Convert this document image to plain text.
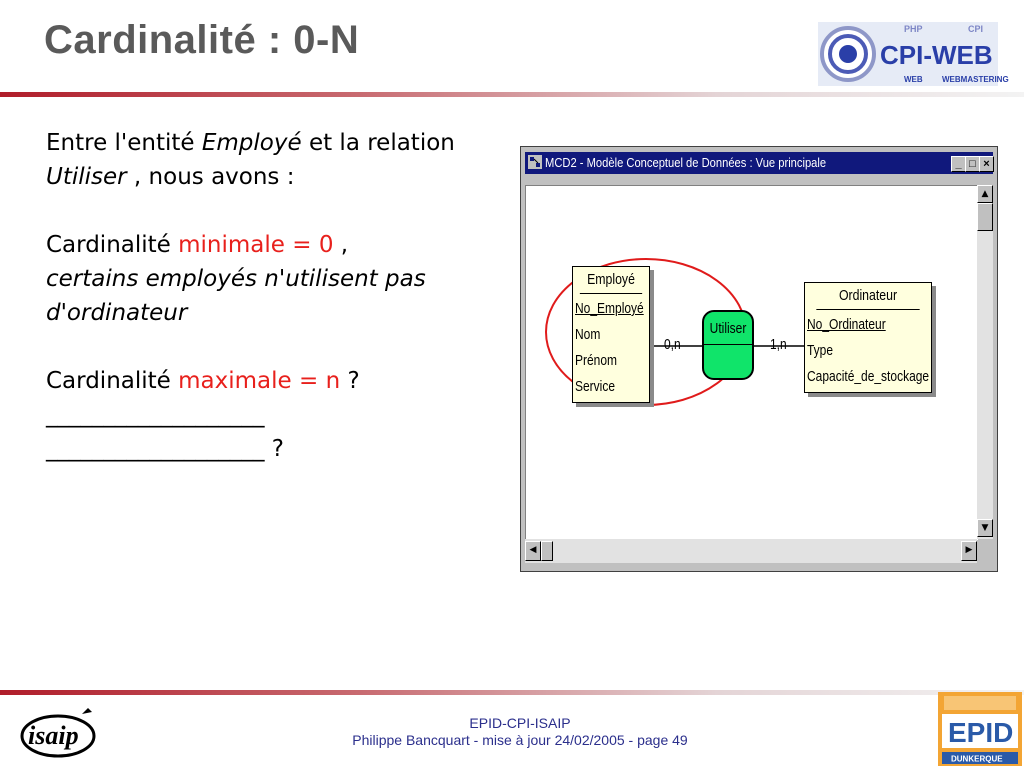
Cardinalité : 0-N	PHP	CPI
CPI-WEB
WEB WEBMASTERING

Entre l'entité Employé et la relation Utiliser , nous avons :

Cardinalité minimale = 0 ,
certains employés n'utilisent pas d'ordinateur

Cardinalité maximale = n ?
___________________
___________________ ?

MCD2 - Modèle Conceptuel de Données : Vue principale	_ □ ×
Employé
No_Employé
Nom
Prénom
Service
Utiliser
0,n	1,n
Ordinateur
No_Ordinateur
Type
Capacité_de_stockage
▲
▼
◀	▶
isaip	EPID-CPI-ISAIP
Philippe Bancquart - mise à jour 24/02/2005 - page 49	EPID
DUNKERQUE
